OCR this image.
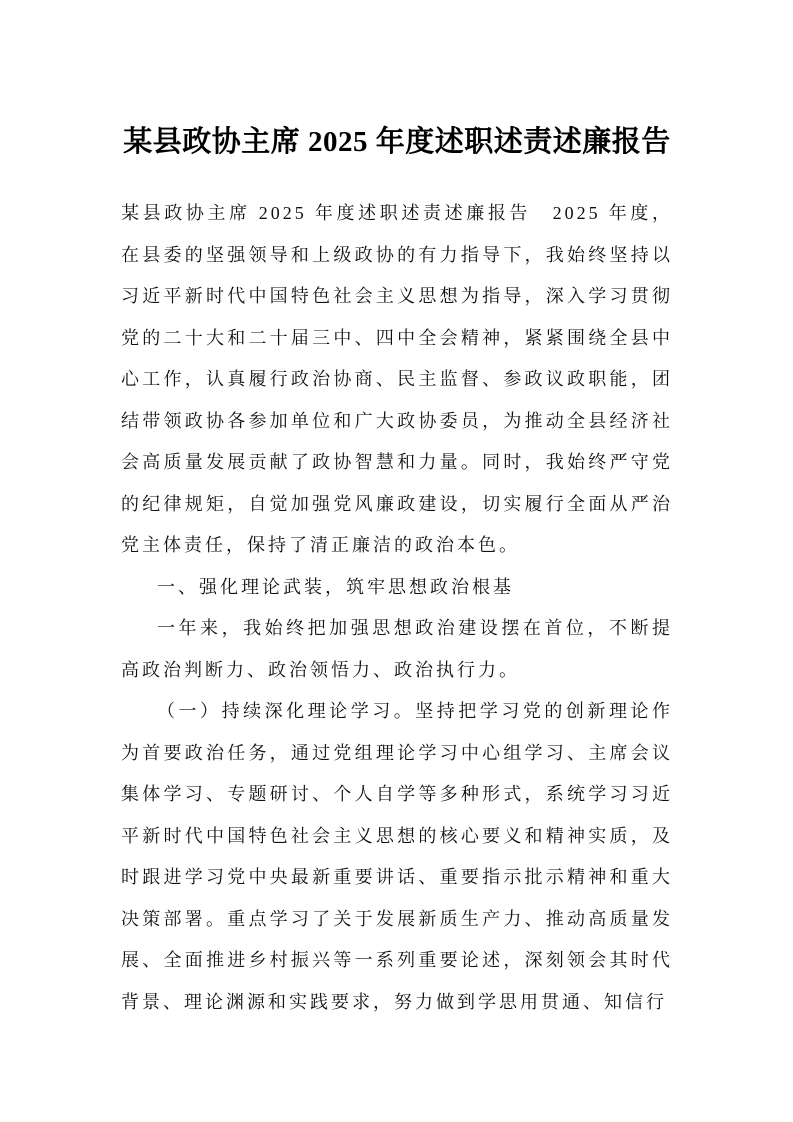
某县政协主席 2025 年度述职述责述廉报告

某县政协主席 2025 年度述职述责述廉报告　2025 年度，在县委的坚强领导和上级政协的有力指导下，我始终坚持以习近平新时代中国特色社会主义思想为指导，深入学习贯彻党的二十大和二十届三中、四中全会精神，紧紧围绕全县中心工作，认真履行政治协商、民主监督、参政议政职能，团结带领政协各参加单位和广大政协委员，为推动全县经济社会高质量发展贡献了政协智慧和力量。同时，我始终严守党的纪律规矩，自觉加强党风廉政建设，切实履行全面从严治党主体责任，保持了清正廉洁的政治本色。

一、强化理论武装，筑牢思想政治根基

一年来，我始终把加强思想政治建设摆在首位，不断提高政治判断力、政治领悟力、政治执行力。

（一）持续深化理论学习。坚持把学习党的创新理论作为首要政治任务，通过党组理论学习中心组学习、主席会议集体学习、专题研讨、个人自学等多种形式，系统学习习近平新时代中国特色社会主义思想的核心要义和精神实质，及时跟进学习党中央最新重要讲话、重要指示批示精神和重大决策部署。重点学习了关于发展新质生产力、推动高质量发展、全面推进乡村振兴等一系列重要论述，深刻领会其时代背景、理论渊源和实践要求，努力做到学思用贯通、知信行
